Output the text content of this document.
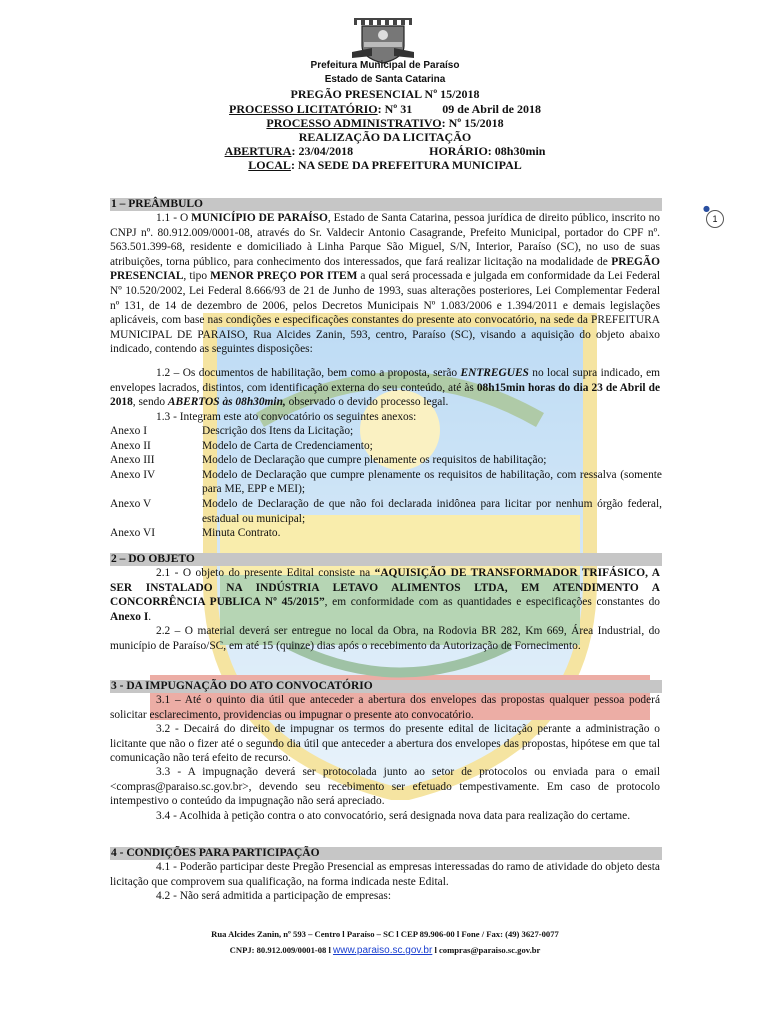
Prefeitura Municipal de Paraíso
Estado de Santa Catarina
PREGÃO PRESENCIAL Nº 15/2018
PROCESSO LICITATÓRIO: Nº 31	09 de Abril de 2018
PROCESSO ADMINISTRATIVO: Nº 15/2018
REALIZAÇÃO DA LICITAÇÃO
ABERTURA: 23/04/2018	HORÁRIO: 08h30min
LOCAL: NA SEDE DA PREFEITURA MUNICIPAL
●
1
1 – PREÂMBULO

1.1 - O MUNICÍPIO DE PARAÍSO, Estado de Santa Catarina, pessoa jurídica de direito público, inscrito no CNPJ nº. 80.912.009/0001-08, através do Sr. Valdecir Antonio Casagrande, Prefeito Municipal, portador do CPF nº. 563.501.399-68, residente e domiciliado à Linha Parque São Miguel, S/N, Interior, Paraíso (SC), no uso de suas atribuições, torna público, para conhecimento dos interessados, que fará realizar licitação na modalidade de PREGÃO PRESENCIAL, tipo MENOR PREÇO POR ITEM a qual será processada e julgada em conformidade da Lei Federal Nº 10.520/2002, Lei Federal 8.666/93 de 21 de Junho de 1993, suas alterações posteriores, Lei Complementar Federal nº 131, de 14 de dezembro de 2006, pelos Decretos Municipais Nº 1.083/2006 e 1.394/2011 e demais legislações aplicáveis, com base nas condições e especificações constantes do presente ato convocatório, na sede da PREFEITURA MUNICIPAL DE PARAISO, Rua Alcides Zanin, 593, centro, Paraíso (SC), visando a aquisição do objeto abaixo indicado, contendo as seguintes disposições:

1.2 – Os documentos de habilitação, bem como a proposta, serão ENTREGUES no local supra indicado, em envelopes lacrados, distintos, com identificação externa do seu conteúdo, até às 08h15min horas do dia 23 de Abril de 2018, sendo ABERTOS às 08h30min, observado o devido processo legal.

1.3 - Integram este ato convocatório os seguintes anexos:

Anexo I	Descrição dos Itens da Licitação;
Anexo II	Modelo de Carta de Credenciamento;
Anexo III	Modelo de Declaração que cumpre plenamente os requisitos de habilitação;
Anexo IV	Modelo de Declaração que cumpre plenamente os requisitos de habilitação, com ressalva (somente para ME, EPP e MEI);
Anexo V	Modelo de Declaração de que não foi declarada inidônea para licitar por nenhum órgão federal, estadual ou municipal;
Anexo VI	Minuta Contrato.
2 – DO OBJETO

2.1 - O objeto do presente Edital consiste na “AQUISIÇÃO DE TRANSFORMADOR TRIFÁSICO, A SER INSTALADO NA INDÚSTRIA LETAVO ALIMENTOS LTDA, EM ATENDIMENTO A CONCORRÊNCIA PUBLICA Nº 45/2015”, em conformidade com as quantidades e especificações constantes do Anexo I.

2.2 – O material deverá ser entregue no local da Obra, na Rodovia BR 282, Km 669, Área Industrial, do município de Paraíso/SC, em até 15 (quinze) dias após o recebimento da Autorização de Fornecimento.

3 - DA IMPUGNAÇÃO DO ATO CONVOCATÓRIO

3.1 – Até o quinto dia útil que anteceder a abertura dos envelopes das propostas qualquer pessoa poderá solicitar esclarecimento, providencias ou impugnar o presente ato convocatório.

3.2 - Decairá do direito de impugnar os termos do presente edital de licitação perante a administração o licitante que não o fizer até o segundo dia útil que anteceder a abertura dos envelopes das propostas, hipótese em que tal comunicação não terá efeito de recurso.

3.3 - A impugnação deverá ser protocolada junto ao setor de protocolos ou enviada para o email <compras@paraiso.sc.gov.br>, devendo seu recebimento ser efetuado tempestivamente. Em caso de protocolo intempestivo o conteúdo da impugnação não será apreciado.

3.4 - Acolhida à petição contra o ato convocatório, será designada nova data para realização do certame.

4 - CONDIÇÕES PARA PARTICIPAÇÃO

4.1 - Poderão participar deste Pregão Presencial as empresas interessadas do ramo de atividade do objeto desta licitação que comprovem sua qualificação, na forma indicada neste Edital.

4.2 - Não será admitida a participação de empresas:

Rua Alcides Zanin, nº 593 – Centro l Paraíso – SC l CEP 89.906-00 l Fone / Fax: (49) 3627-0077
CNPJ: 80.912.009/0001-08 l www.paraiso.sc.gov.br l compras@paraiso.sc.gov.br
